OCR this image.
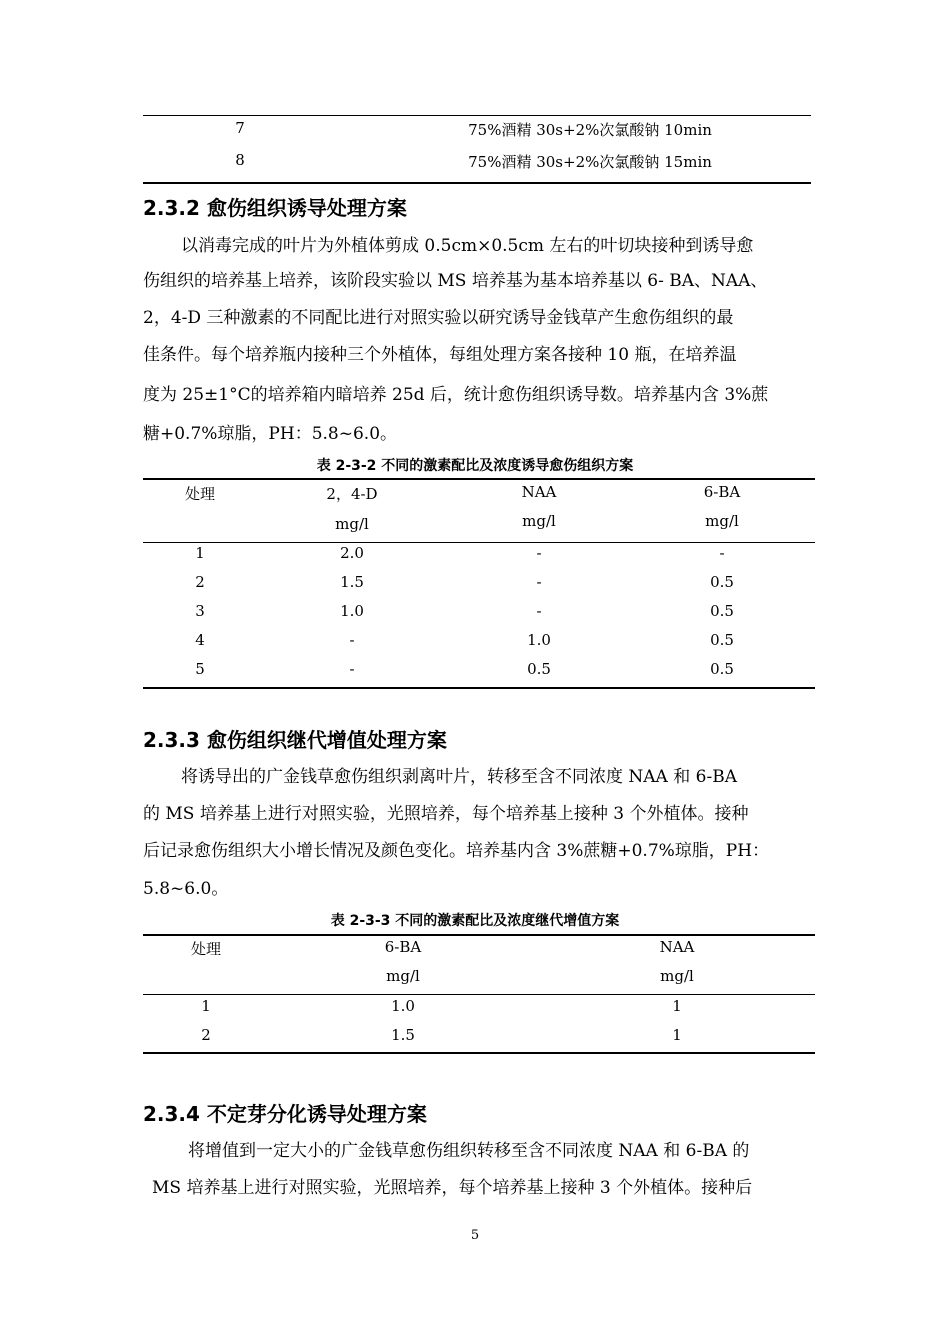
7	75%酒精 30s+2%次氯酸钠 10min
8	75%酒精 30s+2%次氯酸钠 15min
2.3.2 愈伤组织诱导处理方案
以消毒完成的叶片为外植体剪成 0.5cm×0.5cm 左右的叶切块接种到诱导愈
伤组织的培养基上培养，该阶段实验以 MS 培养基为基本培养基以 6- BA、NAA、
2，4-D 三种激素的不同配比进行对照实验以研究诱导金钱草产生愈伤组织的最
佳条件。每个培养瓶内接种三个外植体，每组处理方案各接种 10 瓶，在培养温
度为 25±1°C的培养箱内暗培养 25d 后，统计愈伤组织诱导数。培养基内含 3%蔗
糖+0.7%琼脂，PH：5.8~6.0。
表 2-3-2 不同的激素配比及浓度诱导愈伤组织方案
处理	2，4-D	NAA	6-BA
mg/l	mg/l	mg/l
1	2.0	-	-
2	1.5	-	0.5
3	1.0	-	0.5
4	-	1.0	0.5
5	-	0.5	0.5
2.3.3 愈伤组织继代增值处理方案
将诱导出的广金钱草愈伤组织剥离叶片，转移至含不同浓度 NAA 和 6-BA
的 MS 培养基上进行对照实验，光照培养，每个培养基上接种 3 个外植体。接种
后记录愈伤组织大小增长情况及颜色变化。培养基内含 3%蔗糖+0.7%琼脂，PH：
5.8~6.0。
表 2-3-3 不同的激素配比及浓度继代增值方案
处理	6-BA	NAA
mg/l	mg/l
1	1.0	1
2	1.5	1
2.3.4 不定芽分化诱导处理方案
将增值到一定大小的广金钱草愈伤组织转移至含不同浓度 NAA 和 6-BA 的
MS 培养基上进行对照实验，光照培养，每个培养基上接种 3 个外植体。接种后
5
